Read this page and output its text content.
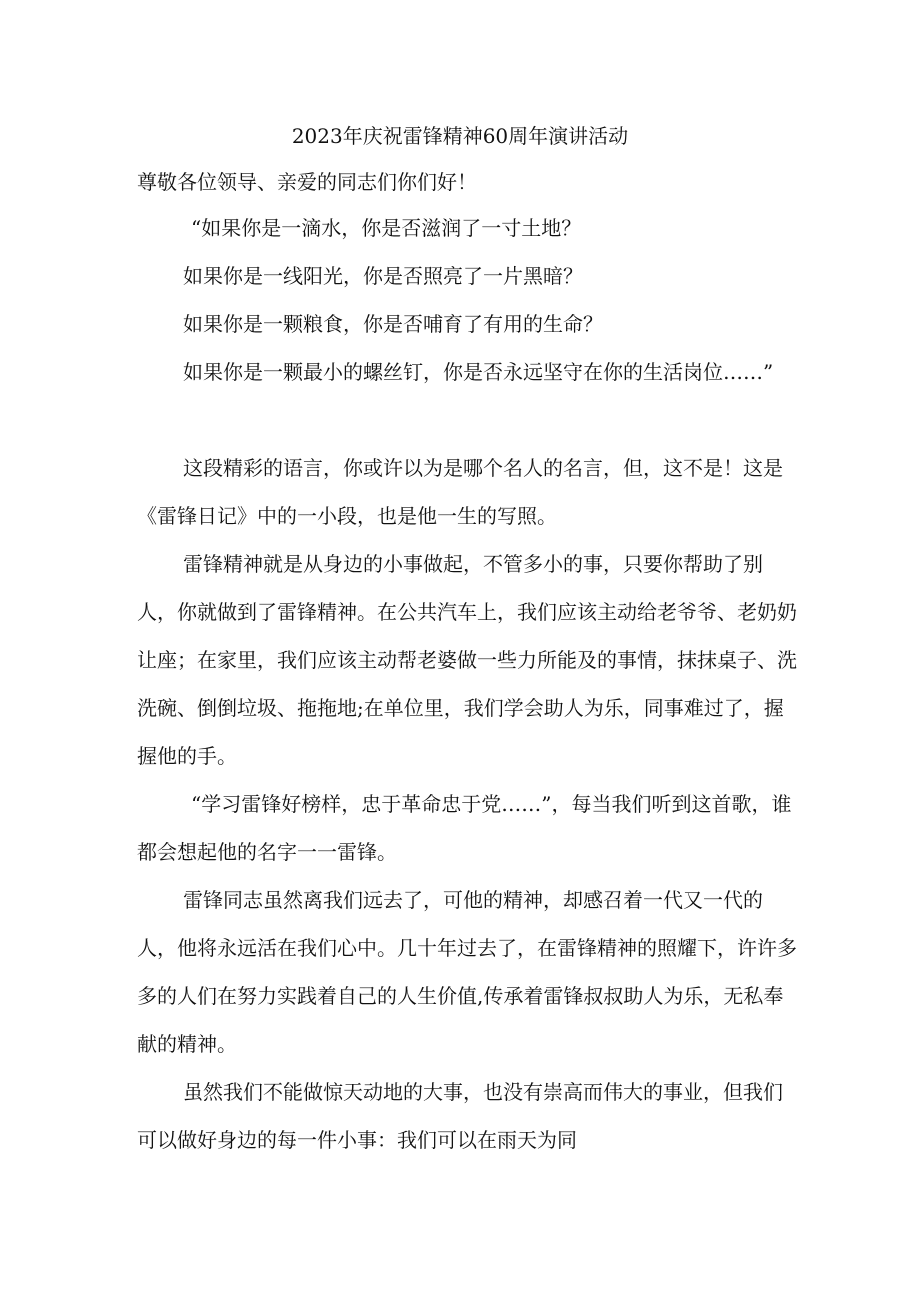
2023年庆祝雷锋精神60周年演讲活动

尊敬各位领导、亲爱的同志们你们好！

“如果你是一滴水，你是否滋润了一寸土地？

如果你是一线阳光，你是否照亮了一片黑暗？

如果你是一颗粮食，你是否哺育了有用的生命？

如果你是一颗最小的螺丝钉，你是否永远坚守在你的生活岗位……”

这段精彩的语言，你或许以为是哪个名人的名言，但，这不是！这是《雷锋日记》中的一小段，也是他一生的写照。

雷锋精神就是从身边的小事做起，不管多小的事，只要你帮助了别人，你就做到了雷锋精神。在公共汽车上，我们应该主动给老爷爷、老奶奶让座；在家里，我们应该主动帮老婆做一些力所能及的事情，抹抹桌子、洗洗碗、倒倒垃圾、拖拖地;在单位里，我们学会助人为乐，同事难过了，握握他的手。

“学习雷锋好榜样，忠于革命忠于党……”，每当我们听到这首歌，谁都会想起他的名字一一雷锋。

雷锋同志虽然离我们远去了，可他的精神，却感召着一代又一代的人，他将永远活在我们心中。几十年过去了，在雷锋精神的照耀下，许许多多的人们在努力实践着自己的人生价值,传承着雷锋叔叔助人为乐，无私奉献的精神。

虽然我们不能做惊天动地的大事，也没有崇高而伟大的事业，但我们可以做好身边的每一件小事：我们可以在雨天为同
